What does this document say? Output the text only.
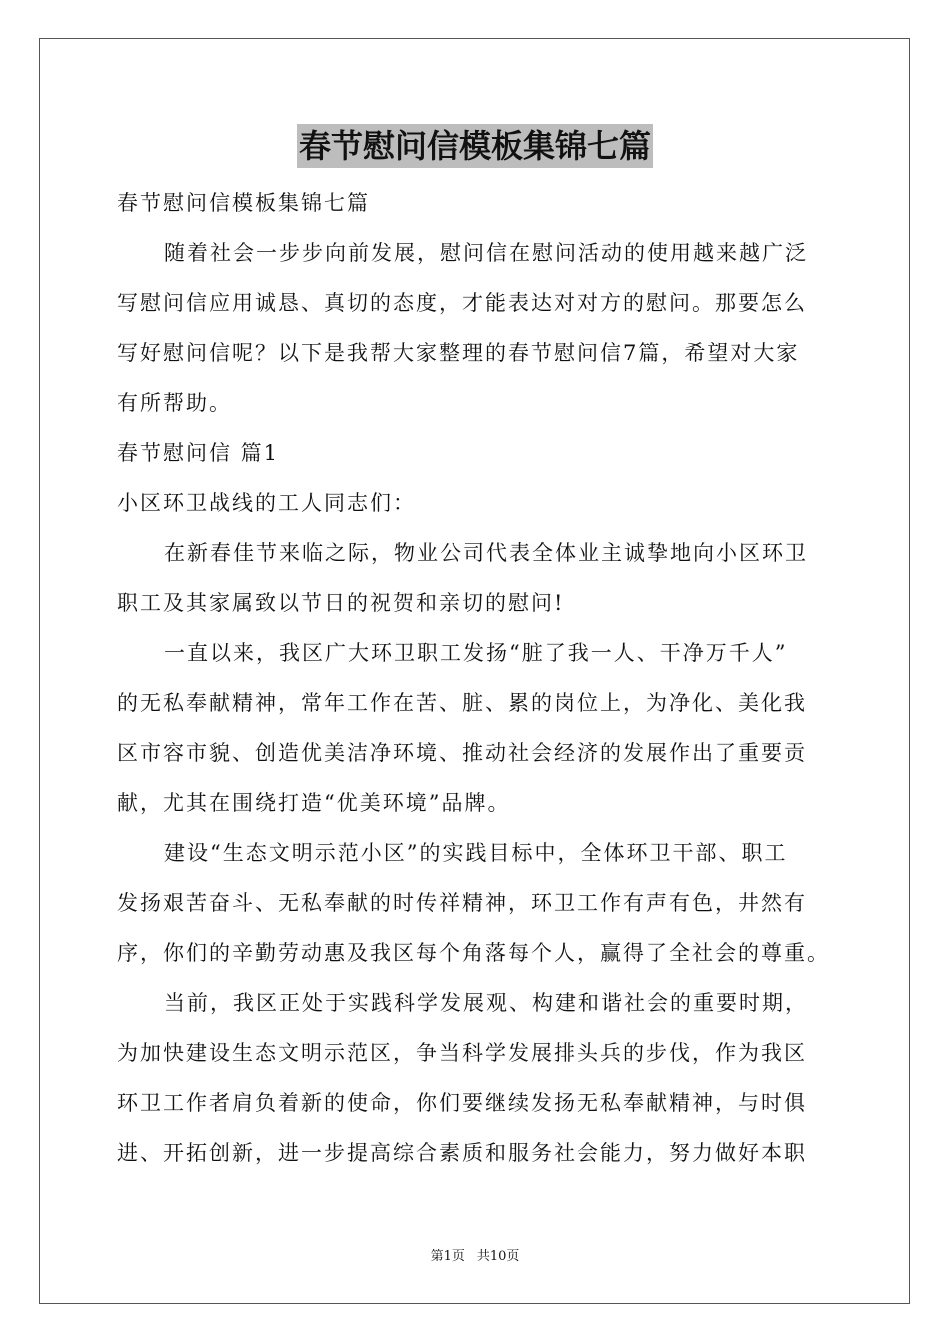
春节慰问信模板集锦七篇
春节慰问信模板集锦七篇
随着社会一步步向前发展，慰问信在慰问活动的使用越来越广泛
写慰问信应用诚恳、真切的态度，才能表达对对方的慰问。那要怎么
写好慰问信呢？以下是我帮大家整理的春节慰问信7篇，希望对大家
有所帮助。
春节慰问信 篇1
小区环卫战线的工人同志们：
在新春佳节来临之际，物业公司代表全体业主诚挚地向小区环卫
职工及其家属致以节日的祝贺和亲切的慰问!
一直以来，我区广大环卫职工发扬“脏了我一人、干净万千人”
的无私奉献精神，常年工作在苦、脏、累的岗位上，为净化、美化我
区市容市貌、创造优美洁净环境、推动社会经济的发展作出了重要贡
献，尤其在围绕打造“优美环境”品牌。
建设“生态文明示范小区”的实践目标中，全体环卫干部、职工
发扬艰苦奋斗、无私奉献的时传祥精神，环卫工作有声有色，井然有
序，你们的辛勤劳动惠及我区每个角落每个人，赢得了全社会的尊重。
当前，我区正处于实践科学发展观、构建和谐社会的重要时期，
为加快建设生态文明示范区，争当科学发展排头兵的步伐，作为我区
环卫工作者肩负着新的使命，你们要继续发扬无私奉献精神，与时俱
进、开拓创新，进一步提高综合素质和服务社会能力，努力做好本职
第1页 共10页
